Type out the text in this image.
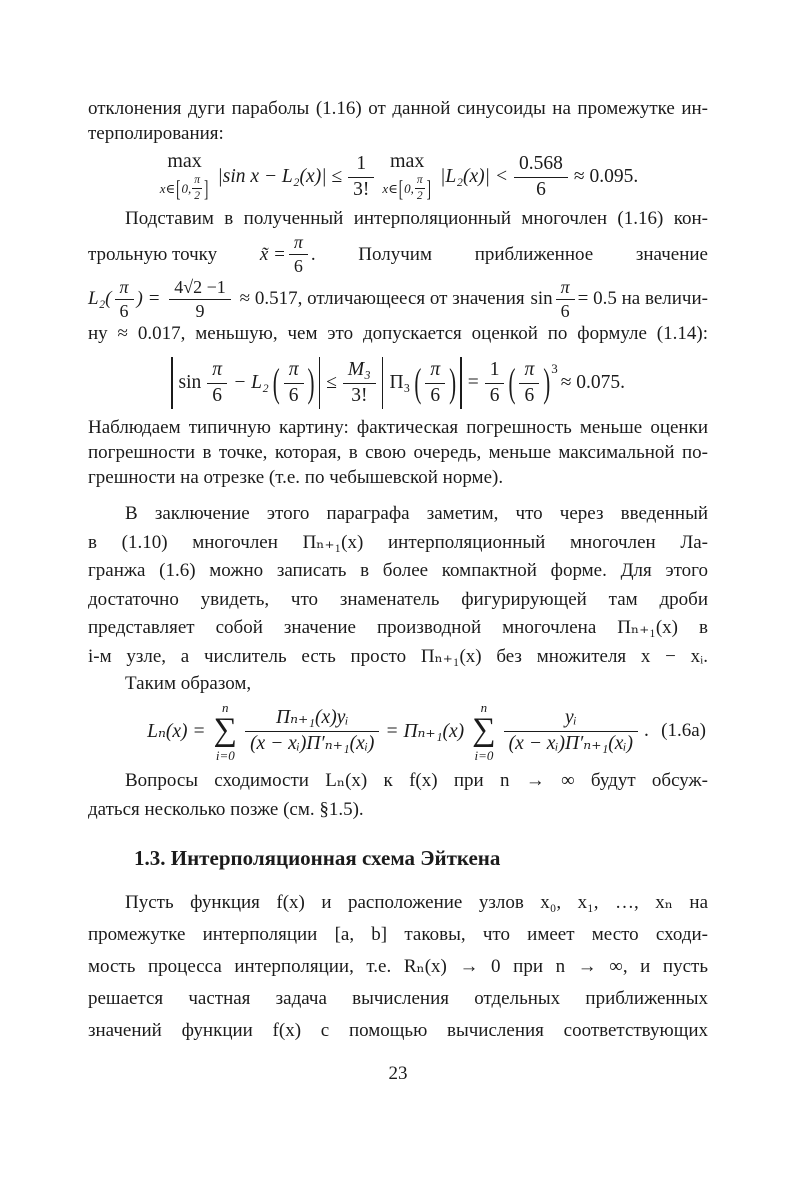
отклонения дуги параболы (1.16) от данной синусоиды на промежутке ин-
терполирования:
max
x∈ [ 0, $\frac{\pi}{2}$ ] |sin $x - L_2(x)| \le \frac{1}{3!}$ max
x∈ [ 0, $\frac{\pi}{2}$ ] $|L_2(x)| < \frac{0.568}{6} \approx 0.095$.
Подставим в полученный интерполяционный многочлен (1.16) кон-
трольную точку x̃ = $\frac{\pi}{6}$ . Получим приближенное значение
$L_2( \frac{\pi}{6}$ ) = $\frac{4√2 -1}{9} \approx 0.517$, отличающееся от значения $\sin \frac{\pi}{6} = 0.5$ на величи-
ну ≈ 0.017, меньшую, чем это допускается оценкой по формуле (1.14):
$\sin \frac{\pi}{6} - L_2$ ( $\frac{\pi}{6}$ ) ≤ $\frac{\text{M₃}}{3!} \Pi_3$ ( $\frac{\pi}{6}$ ) = $\frac{1}{6}$ ( $\frac{\pi}{6}$ ) 3
≈ 0.075.
Наблюдаем типичную картину: фактическая погрешность меньше оценки
погрешности в точке, которая, в свою очередь, меньше максимальной по-
грешности на отрезке (т.е. по чебышевской норме).
В заключение этого параграфа заметим, что через введенный
в (1.10) многочлен Πₙ₊₁(x) интерполяционный многочлен Ла-
гранжа (1.6) можно записать в более компактной форме. Для этого
достаточно увидеть, что знаменатель фигурирующей там дроби
представляет собой значение производной многочлена Πₙ₊₁(x) в
i-м узле, а числитель есть просто Πₙ₊₁(x) без множителя x − xᵢ.
Таким образом,
Lₙ(x) =
n
∑
$i=0 \frac{\text{Πₙ₊₁(x)yᵢ}}{\text{(x − xᵢ)Π′ₙ₊₁(xᵢ)}} = \Pi_{n+1}(x)$
n
∑
$i=0 \frac{\text{yᵢ}}{\text{(x − xᵢ)Π′ₙ₊₁(xᵢ)}}$ . (1.6a)
Вопросы сходимости Lₙ(x) к f(x) при n → ∞ будут обсуж-
даться несколько позже (см. §1.5).
1.3. Интерполяционная схема Эйткена
Пусть функция f(x) и расположение узлов x₀, x₁, …, xₙ на
промежутке интерполяции [a, b] таковы, что имеет место сходи-
мость процесса интерполяции, т.е. Rₙ(x) → 0 при n → ∞, и пусть
решается частная задача вычисления отдельных приближенных
значений функции f(x) с помощью вычисления соответствующих
23
